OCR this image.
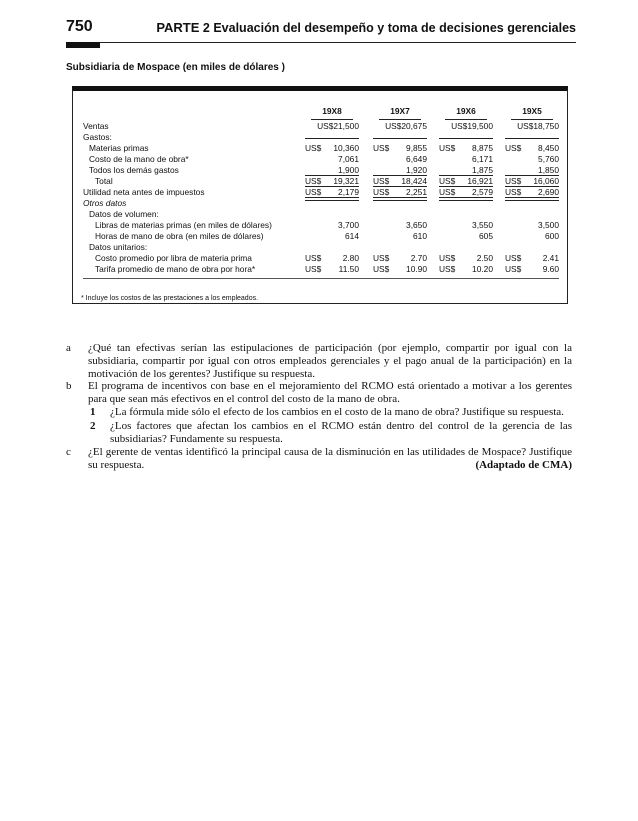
750	PARTE 2 Evaluación del desempeño y toma de decisiones gerenciales
Subsidiaria de Mospace (en miles de dólares )
19X8	19X7	19X6	19X5
Ventas	US$21,500	US$20,675	US$19,500	US$18,750
Gastos:
Materias primas	US$ 10,360 US$ 9,855 US$ 8,875 US$ 8,450
Costo de la mano de obra*	7,061	6,649	6,171	5,760
Todos los demás gastos	1,900	1,920	1,875	1,850
Total	US$ 19,321 US$ 18,424 US$ 16,921 US$ 16,060
Utilidad neta antes de impuestos	US$ 2,179 US$ 2,251 US$ 2,579 US$ 2,690
Otros datos
Datos de volumen:
Libras de materias primas (en miles de dólares)	3,700	3,650	3,550	3,500
Horas de mano de obra (en miles de dólares)	614	610	605	600
Datos unitarios:
Costo promedio por libra de materia prima	US$	2.80 US$	2.70 US$	2.50 US$	2.41
Tarifa promedio de mano de obra por hora*	US$ 11.50 US$ 10.90 US$ 10.20 US$	9.60
* Incluye los costos de las prestaciones a los empleados.
a ¿Qué tan efectivas serían las estipulaciones de participación (por ejemplo, compartir por igual con la subsidiaria, compartir por igual con otros empleados gerenciales y el pago anual de la participación) en la motivación de los gerentes? Justifique su respuesta.
b El programa de incentivos con base en el mejoramiento del RCMO está orientado a motivar a los gerentes para que sean más efectivos en el control del costo de la mano de obra.
1 ¿La fórmula mide sólo el efecto de los cambios en el costo de la mano de obra? Justifique su respuesta.
2 ¿Los factores que afectan los cambios en el RCMO están dentro del control de la gerencia de las subsidiarias? Fundamente su respuesta.
c ¿El gerente de ventas identificó la principal causa de la disminución en las utilidades de Mospace? Justifique su respuesta.	(Adaptado de CMA)
